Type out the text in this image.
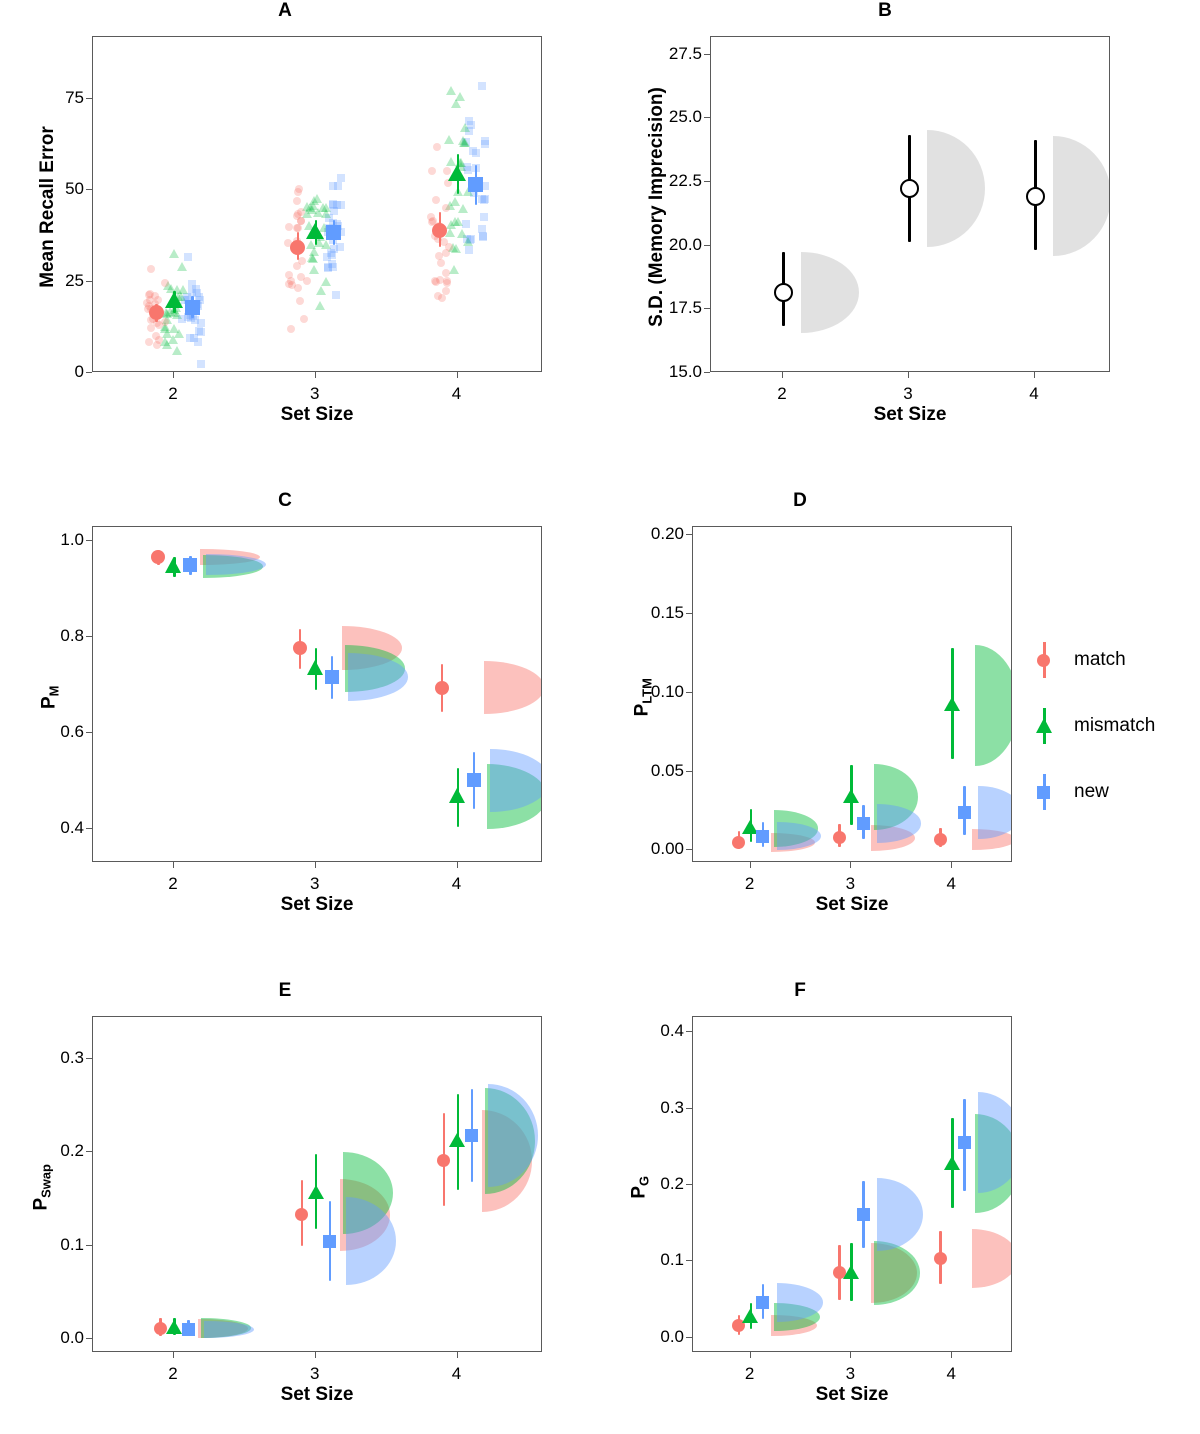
A
Set Size
Mean Recall Error
0
25
50
75
2	3	4
B
Set Size
S.D. (Memory Imprecision)
15.0
17.5
20.0
22.5
25.0
27.5
2	3	4
C
Set Size
$P_M$
0.4
0.6
0.8
1.0
2	3	4
D
Set Size
$P_{LTM}$
0.00
0.05
0.10
0.15
0.20
2	3	4
E
Set Size
$P_{Swap}$
0.0
0.1
0.2
0.3
2	3	4
F
Set Size
$P_G$
0.0
0.1
0.2
0.3
0.4
2	3	4
match
mismatch
new
